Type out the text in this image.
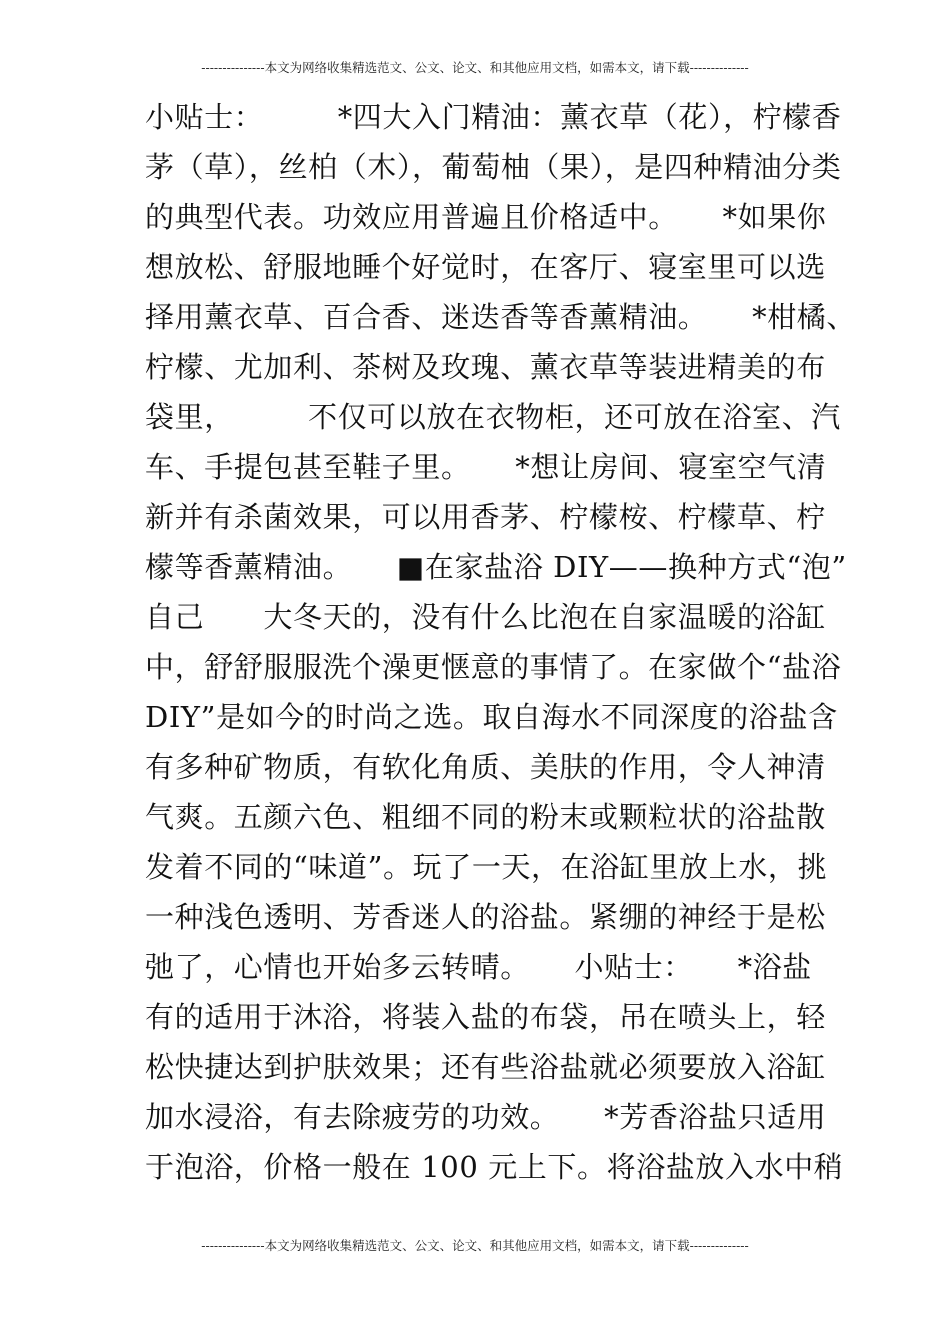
---------------本文为网络收集精选范文、公文、论文、和其他应用文档，如需本文，请下载--------------
小贴士：　　　*四大入门精油：薰衣草（花），柠檬香
茅（草），丝柏（木），葡萄柚（果），是四种精油分类
的典型代表。功效应用普遍且价格适中。　　*如果你
想放松、舒服地睡个好觉时，在客厅、寝室里可以选
择用薰衣草、百合香、迷迭香等香薰精油。　　*柑橘、
柠檬、尤加利、茶树及玫瑰、薰衣草等装进精美的布
袋里，　　　不仅可以放在衣物柜，还可放在浴室、汽
车、手提包甚至鞋子里。　　*想让房间、寝室空气清
新并有杀菌效果，可以用香茅、柠檬桉、柠檬草、柠
檬等香薰精油。　　■在家盐浴 DIY——换种方式“泡”
自己　　大冬天的，没有什么比泡在自家温暖的浴缸
中，舒舒服服洗个澡更惬意的事情了。在家做个“盐浴
DIY”是如今的时尚之选。取自海水不同深度的浴盐含
有多种矿物质，有软化角质、美肤的作用，令人神清
气爽。五颜六色、粗细不同的粉末或颗粒状的浴盐散
发着不同的“味道”。玩了一天，在浴缸里放上水，挑
一种浅色透明、芳香迷人的浴盐。紧绷的神经于是松
弛了，心情也开始多云转晴。　　小贴士：　　*浴盐
有的适用于沐浴，将装入盐的布袋，吊在喷头上，轻
松快捷达到护肤效果；还有些浴盐就必须要放入浴缸
加水浸浴，有去除疲劳的功效。　　*芳香浴盐只适用
于泡浴，价格一般在 100 元上下。将浴盐放入水中稍
---------------本文为网络收集精选范文、公文、论文、和其他应用文档，如需本文，请下载--------------
